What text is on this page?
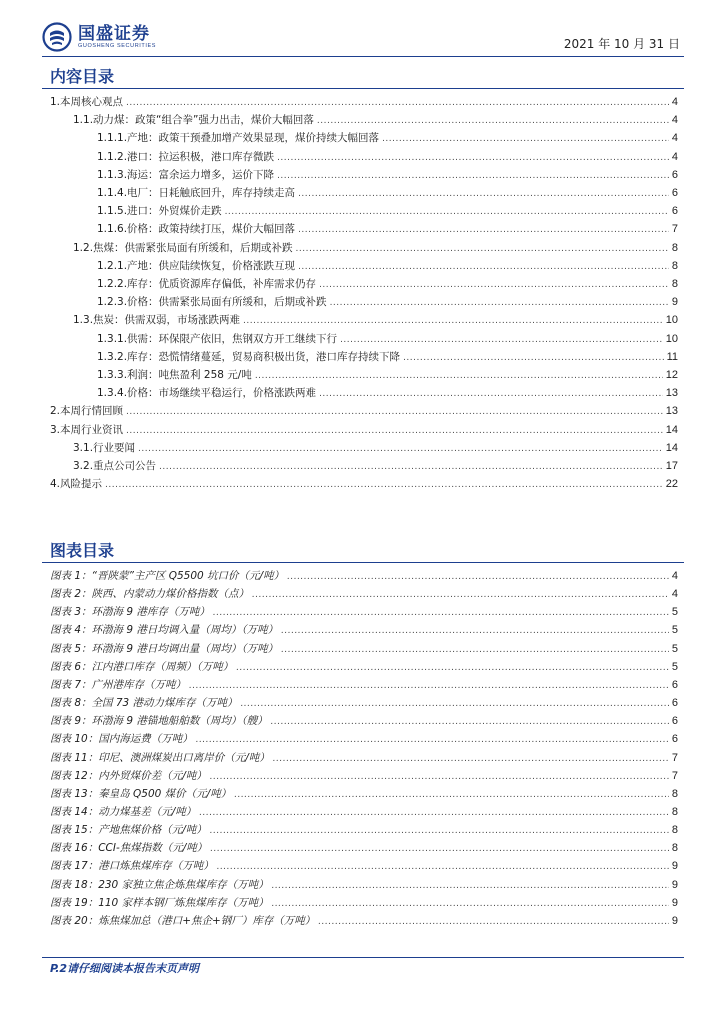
国盛证券
GUOSHENG SECURITIES	2021 年 10 月 31 日
内容目录
1.本周核心观点 .....	4
1.1.动力煤：政策“组合拳”强力出击，煤价大幅回落 .....	4
1.1.1.产地：政策干预叠加增产效果显现，煤价持续大幅回落 .....	4
1.1.2.港口：拉运积极，港口库存微跌 .....	4
1.1.3.海运：富余运力增多，运价下降 .....	6
1.1.4.电厂：日耗触底回升，库存持续走高 .....	6
1.1.5.进口：外贸煤价走跌 .....	6
1.1.6.价格：政策持续打压，煤价大幅回落 .....	7
1.2.焦煤：供需紧张局面有所缓和，后期或补跌 .....	8
1.2.1.产地：供应陆续恢复，价格涨跌互现 .....	8
1.2.2.库存：优质资源库存偏低，补库需求仍存 .....	8
1.2.3.价格：供需紧张局面有所缓和，后期或补跌 .....	9
1.3.焦炭：供需双弱，市场涨跌两难 .....	10
1.3.1.供需：环保限产依旧，焦钢双方开工继续下行 .....	10
1.3.2.库存：恐慌情绪蔓延，贸易商积极出货，港口库存持续下降 .....	11
1.3.3.利润：吨焦盈利 258 元/吨 .....	12
1.3.4.价格：市场继续平稳运行，价格涨跌两难 .....	13
2.本周行情回顾 .....	13
3.本周行业资讯 .....	14
3.1.行业要闻 .....	14
3.2.重点公司公告 .....	17
4.风险提示 .....	22
图表目录
图表 1：“晋陕蒙”主产区 Q5500 坑口价（元/吨） .....	4
图表 2：陕西、内蒙动力煤价格指数（点） .....	4
图表 3：环渤海 9 港库存（万吨） .....	5
图表 4：环渤海 9 港日均调入量（周均）（万吨） .....	5
图表 5：环渤海 9 港日均调出量（周均）（万吨） .....	5
图表 6：江内港口库存（周频）（万吨） .....	5
图表 7：广州港库存（万吨） .....	6
图表 8：全国 73 港动力煤库存（万吨） .....	6
图表 9：环渤海 9 港锚地船舶数（周均）（艘） .....	6
图表 10：国内海运费（万吨） .....	6
图表 11：印尼、澳洲煤炭出口离岸价（元/吨） .....	7
图表 12：内外贸煤价差（元/吨） .....	7
图表 13：秦皇岛 Q500 煤价（元/吨） .....	8
图表 14：动力煤基差（元/吨） .....	8
图表 15：产地焦煤价格（元/吨） .....	8
图表 16：CCI-焦煤指数（元/吨） .....	8
图表 17：港口炼焦煤库存（万吨） .....	9
图表 18：230 家独立焦企炼焦煤库存（万吨） .....	9
图表 19：110 家样本钢厂炼焦煤库存（万吨） .....	9
图表 20：炼焦煤加总（港口+焦企+钢厂）库存（万吨） .....	9
P.2请仔细阅读本报告末页声明
